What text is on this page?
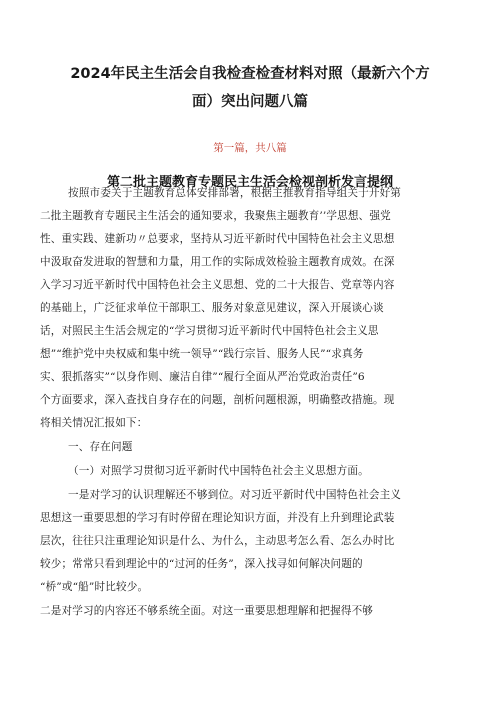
2024年民主生活会自我检查检查材料对照（最新六个方
面）突出问题八篇
第一篇，共八篇
第二批主题教育专题民主生活会检视剖析发言提纲
按照市委关于主题教育总体安排部署，根据主推教育指导组关于开好第
二批主题教育专题民主生活会的通知要求，我聚焦主题教育’’学思想、强党
性、重实践、建新功〃总要求，坚持从习近平新时代中国特色社会主义思想
中汲取奋发进取的智慧和力量，用工作的实际成效检验主题教育成效。在深
入学习习近平新时代中国特色社会主义思想、党的二十大报告、党章等内容
的基础上，广泛征求单位干部职工、服务对象意见建议，深入开展谈心谈
话，对照民主生活会规定的“学习贯彻习近平新时代中国特色社会主义思
想”“维护党中央权威和集中统一领导”“践行宗旨、服务人民”“求真务
实、狠抓落实”“以身作则、廉洁自律”“履行全面从严治党政治责任”6
个方面要求，深入查找自身存在的问题，剖析问题根源，明确整改措施。现
将相关情况汇报如下：
一、存在问题
（一）对照学习贯彻习近平新时代中国特色社会主义思想方面。
一是对学习的认识理解还不够到位。对习近平新时代中国特色社会主义
思想这一重要思想的学习有时停留在理论知识方面，并没有上升到理论武装
层次，往往只注重理论知识是什么、为什么，主动思考怎么看、怎么办时比
较少；常常只看到理论中的“过河的任务”，深入找寻如何解决问题的
“桥”或“船”时比较少。
二是对学习的内容还不够系统全面。对这一重要思想理解和把握得不够
